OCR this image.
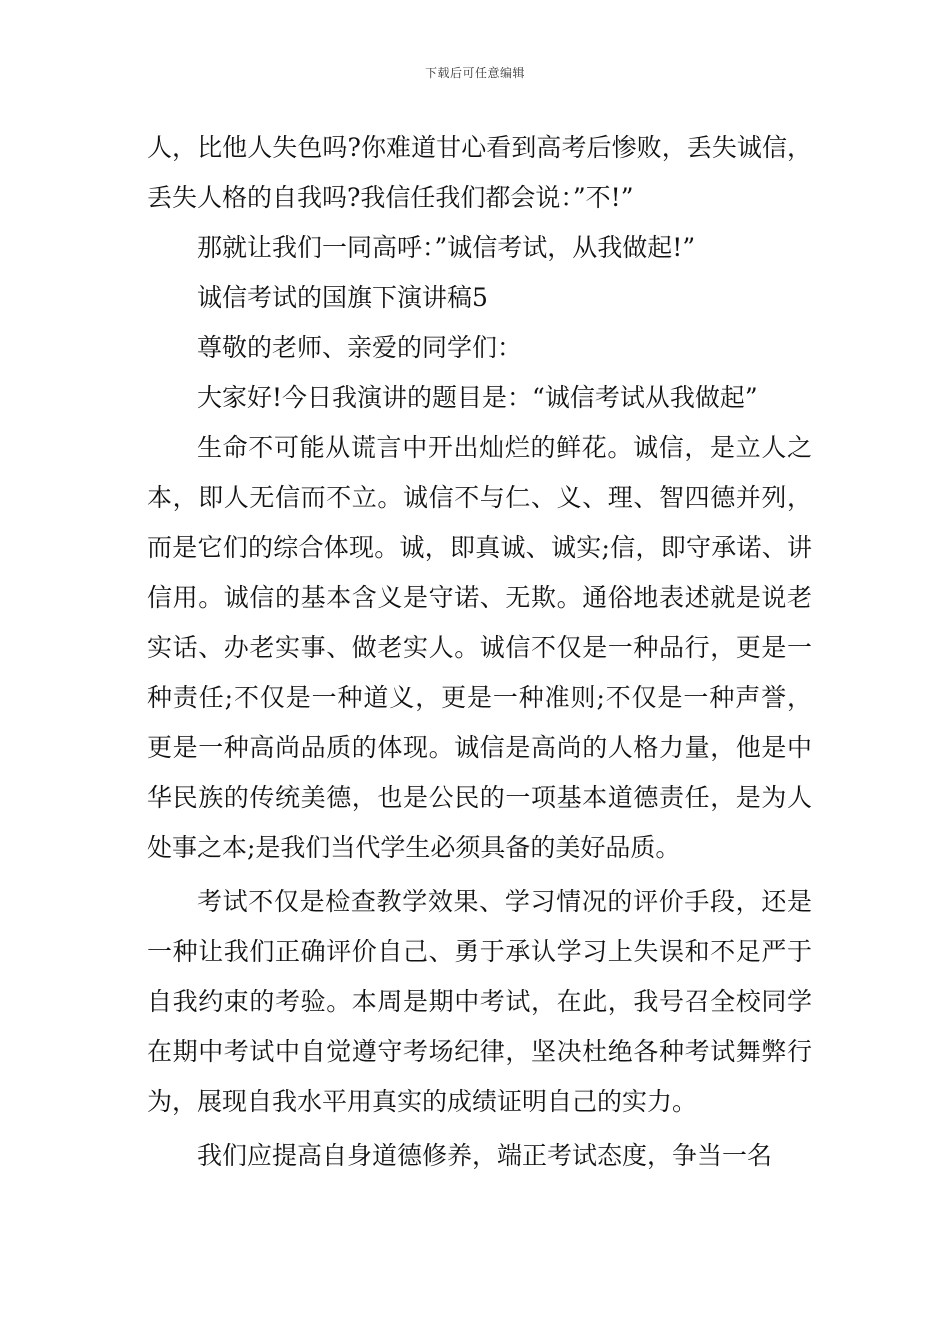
下载后可任意编辑

人，比他人失色吗?你难道甘心看到高考后惨败，丢失诚信，丢失人格的自我吗?我信任我们都会说：”不!”

那就让我们一同高呼：”诚信考试，从我做起!”

诚信考试的国旗下演讲稿5

尊敬的老师、亲爱的同学们：

大家好!今日我演讲的题目是：“诚信考试从我做起”

生命不可能从谎言中开出灿烂的鲜花。诚信，是立人之本，即人无信而不立。诚信不与仁、义、理、智四德并列，而是它们的综合体现。诚，即真诚、诚实;信，即守承诺、讲信用。诚信的基本含义是守诺、无欺。通俗地表述就是说老实话、办老实事、做老实人。诚信不仅是一种品行，更是一种责任;不仅是一种道义，更是一种准则;不仅是一种声誉，更是一种高尚品质的体现。诚信是高尚的人格力量，他是中华民族的传统美德，也是公民的一项基本道德责任，是为人处事之本;是我们当代学生必须具备的美好品质。

考试不仅是检查教学效果、学习情况的评价手段，还是一种让我们正确评价自己、勇于承认学习上失误和不足严于自我约束的考验。本周是期中考试，在此，我号召全校同学在期中考试中自觉遵守考场纪律，坚决杜绝各种考试舞弊行为，展现自我水平用真实的成绩证明自己的实力。

我们应提高自身道德修养，端正考试态度，争当一名
